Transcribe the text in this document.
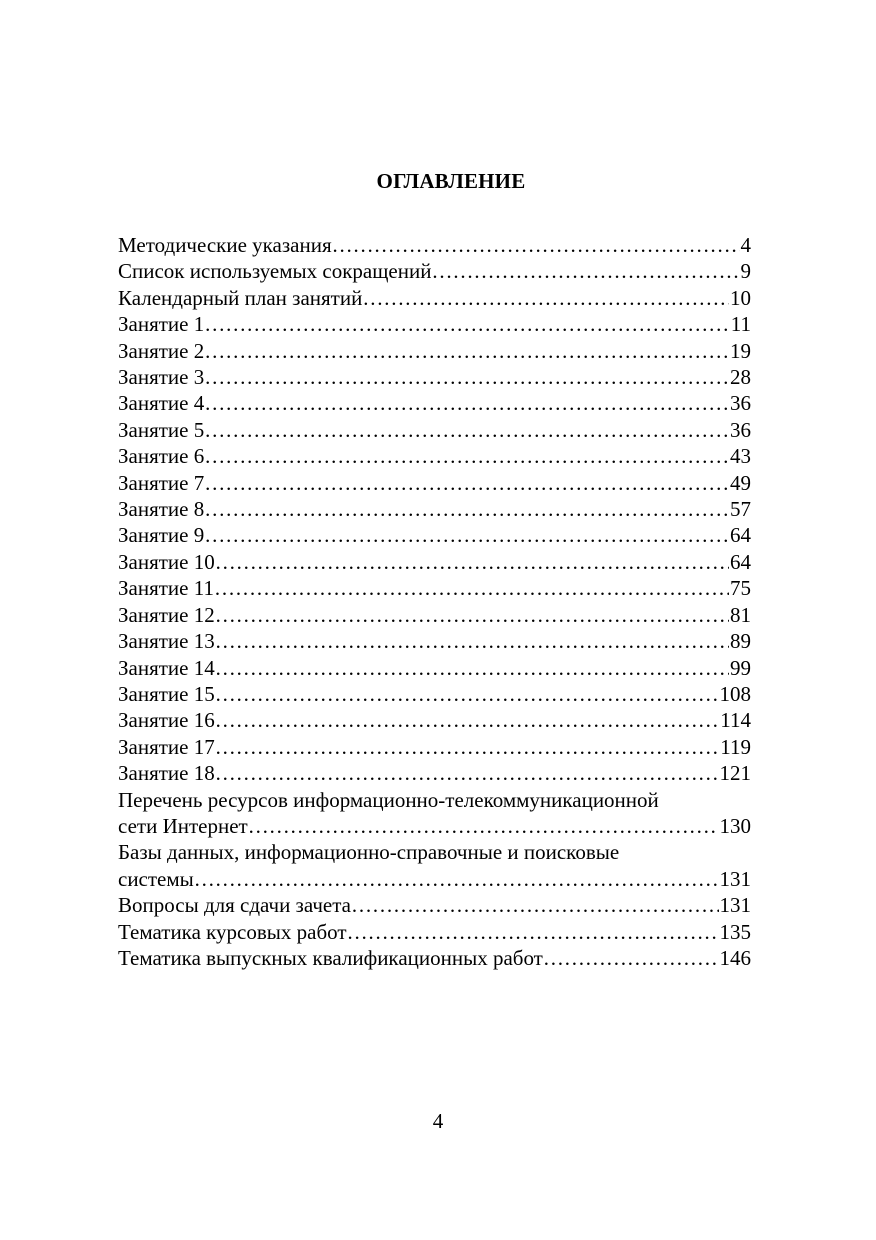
ОГЛАВЛЕНИЕ
Методические указания …………………………………………………………………………………………………………………………………………………………………………………………	4
Список используемых сокращений …………………………………………………………………………………………………………………………………………………………………………………………	9
Календарный план занятий …………………………………………………………………………………………………………………………………………………………………………………………	10
Занятие 1 …………………………………………………………………………………………………………………………………………………………………………………………	11
Занятие 2 …………………………………………………………………………………………………………………………………………………………………………………………	19
Занятие 3 …………………………………………………………………………………………………………………………………………………………………………………………	28
Занятие 4 …………………………………………………………………………………………………………………………………………………………………………………………	36
Занятие 5 …………………………………………………………………………………………………………………………………………………………………………………………	36
Занятие 6 …………………………………………………………………………………………………………………………………………………………………………………………	43
Занятие 7 …………………………………………………………………………………………………………………………………………………………………………………………	49
Занятие 8 …………………………………………………………………………………………………………………………………………………………………………………………	57
Занятие 9 …………………………………………………………………………………………………………………………………………………………………………………………	64
Занятие 10 …………………………………………………………………………………………………………………………………………………………………………………………	64
Занятие 11 …………………………………………………………………………………………………………………………………………………………………………………………	75
Занятие 12 …………………………………………………………………………………………………………………………………………………………………………………………	81
Занятие 13 …………………………………………………………………………………………………………………………………………………………………………………………	89
Занятие 14 …………………………………………………………………………………………………………………………………………………………………………………………	99
Занятие 15 …………………………………………………………………………………………………………………………………………………………………………………………	108
Занятие 16 …………………………………………………………………………………………………………………………………………………………………………………………	114
Занятие 17 …………………………………………………………………………………………………………………………………………………………………………………………	119
Занятие 18 …………………………………………………………………………………………………………………………………………………………………………………………	121
Перечень ресурсов информационно-телекоммуникационной
сети Интернет …………………………………………………………………………………………………………………………………………………………………………………………	130
Базы данных, информационно-справочные и поисковые
системы …………………………………………………………………………………………………………………………………………………………………………………………	131
Вопросы для сдачи зачета …………………………………………………………………………………………………………………………………………………………………………………………	131
Тематика курсовых работ …………………………………………………………………………………………………………………………………………………………………………………………	135
Тематика выпускных квалификационных работ …………………………………………………………………………………………………………………………………………………………………………………………	146
4
